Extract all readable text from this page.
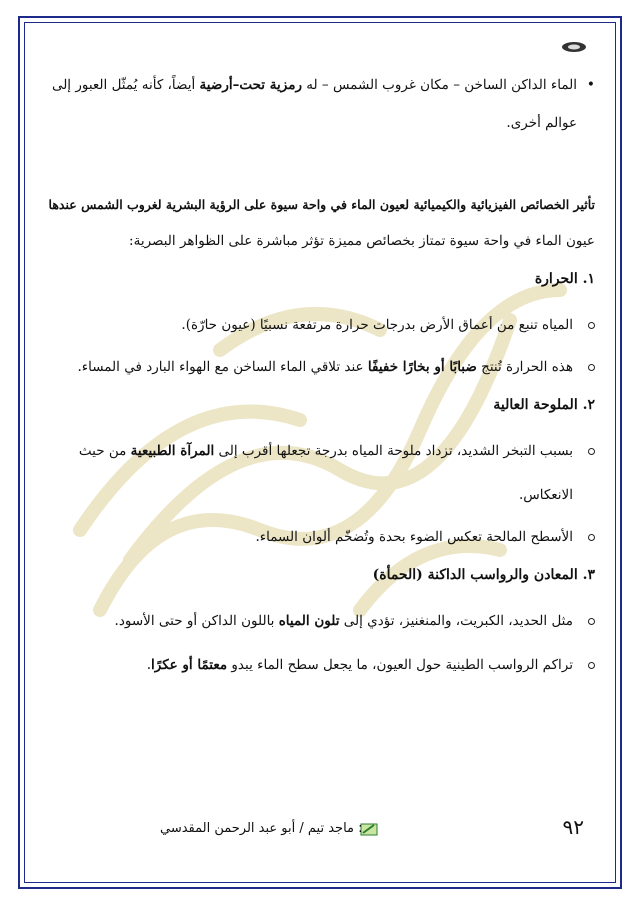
• الماء الداكن الساخن – مكان غروب الشمس – له رمزية تحت–أرضية أيضاً، كأنه يُمثّل العبور إلى
عوالم أخرى.
تأثير الخصائص الفيزيائية والكيميائية لعيون الماء في واحة سيوة على الرؤية البشرية لغروب الشمس عندها
عيون الماء في واحة سيوة تمتاز بخصائص مميزة تؤثر مباشرة على الظواهر البصرية:
١. الحرارة
المياه تنبع من أعماق الأرض بدرجات حرارة مرتفعة نسبيًا (عيون حارّة).
هذه الحرارة تُنتج ضبابًا أو بخارًا خفيفًا عند تلاقي الماء الساخن مع الهواء البارد في المساء.
٢. الملوحة العالية
بسبب التبخر الشديد، تزداد ملوحة المياه بدرجة تجعلها أقرب إلى المرآة الطبيعية من حيث
الانعكاس.
الأسطح المالحة تعكس الضوء بحدة وتُضخّم ألوان السماء.
٣. المعادن والرواسب الداكنة (الحمأة)
مثل الحديد، الكبريت، والمنغنيز، تؤدي إلى تلون المياه باللون الداكن أو حتى الأسود.
تراكم الرواسب الطينية حول العيون، ما يجعل سطح الماء يبدو معتمًا أو عكرًا.
: ماجد تيم / أبو عبد الرحمن المقدسي	٩٢
